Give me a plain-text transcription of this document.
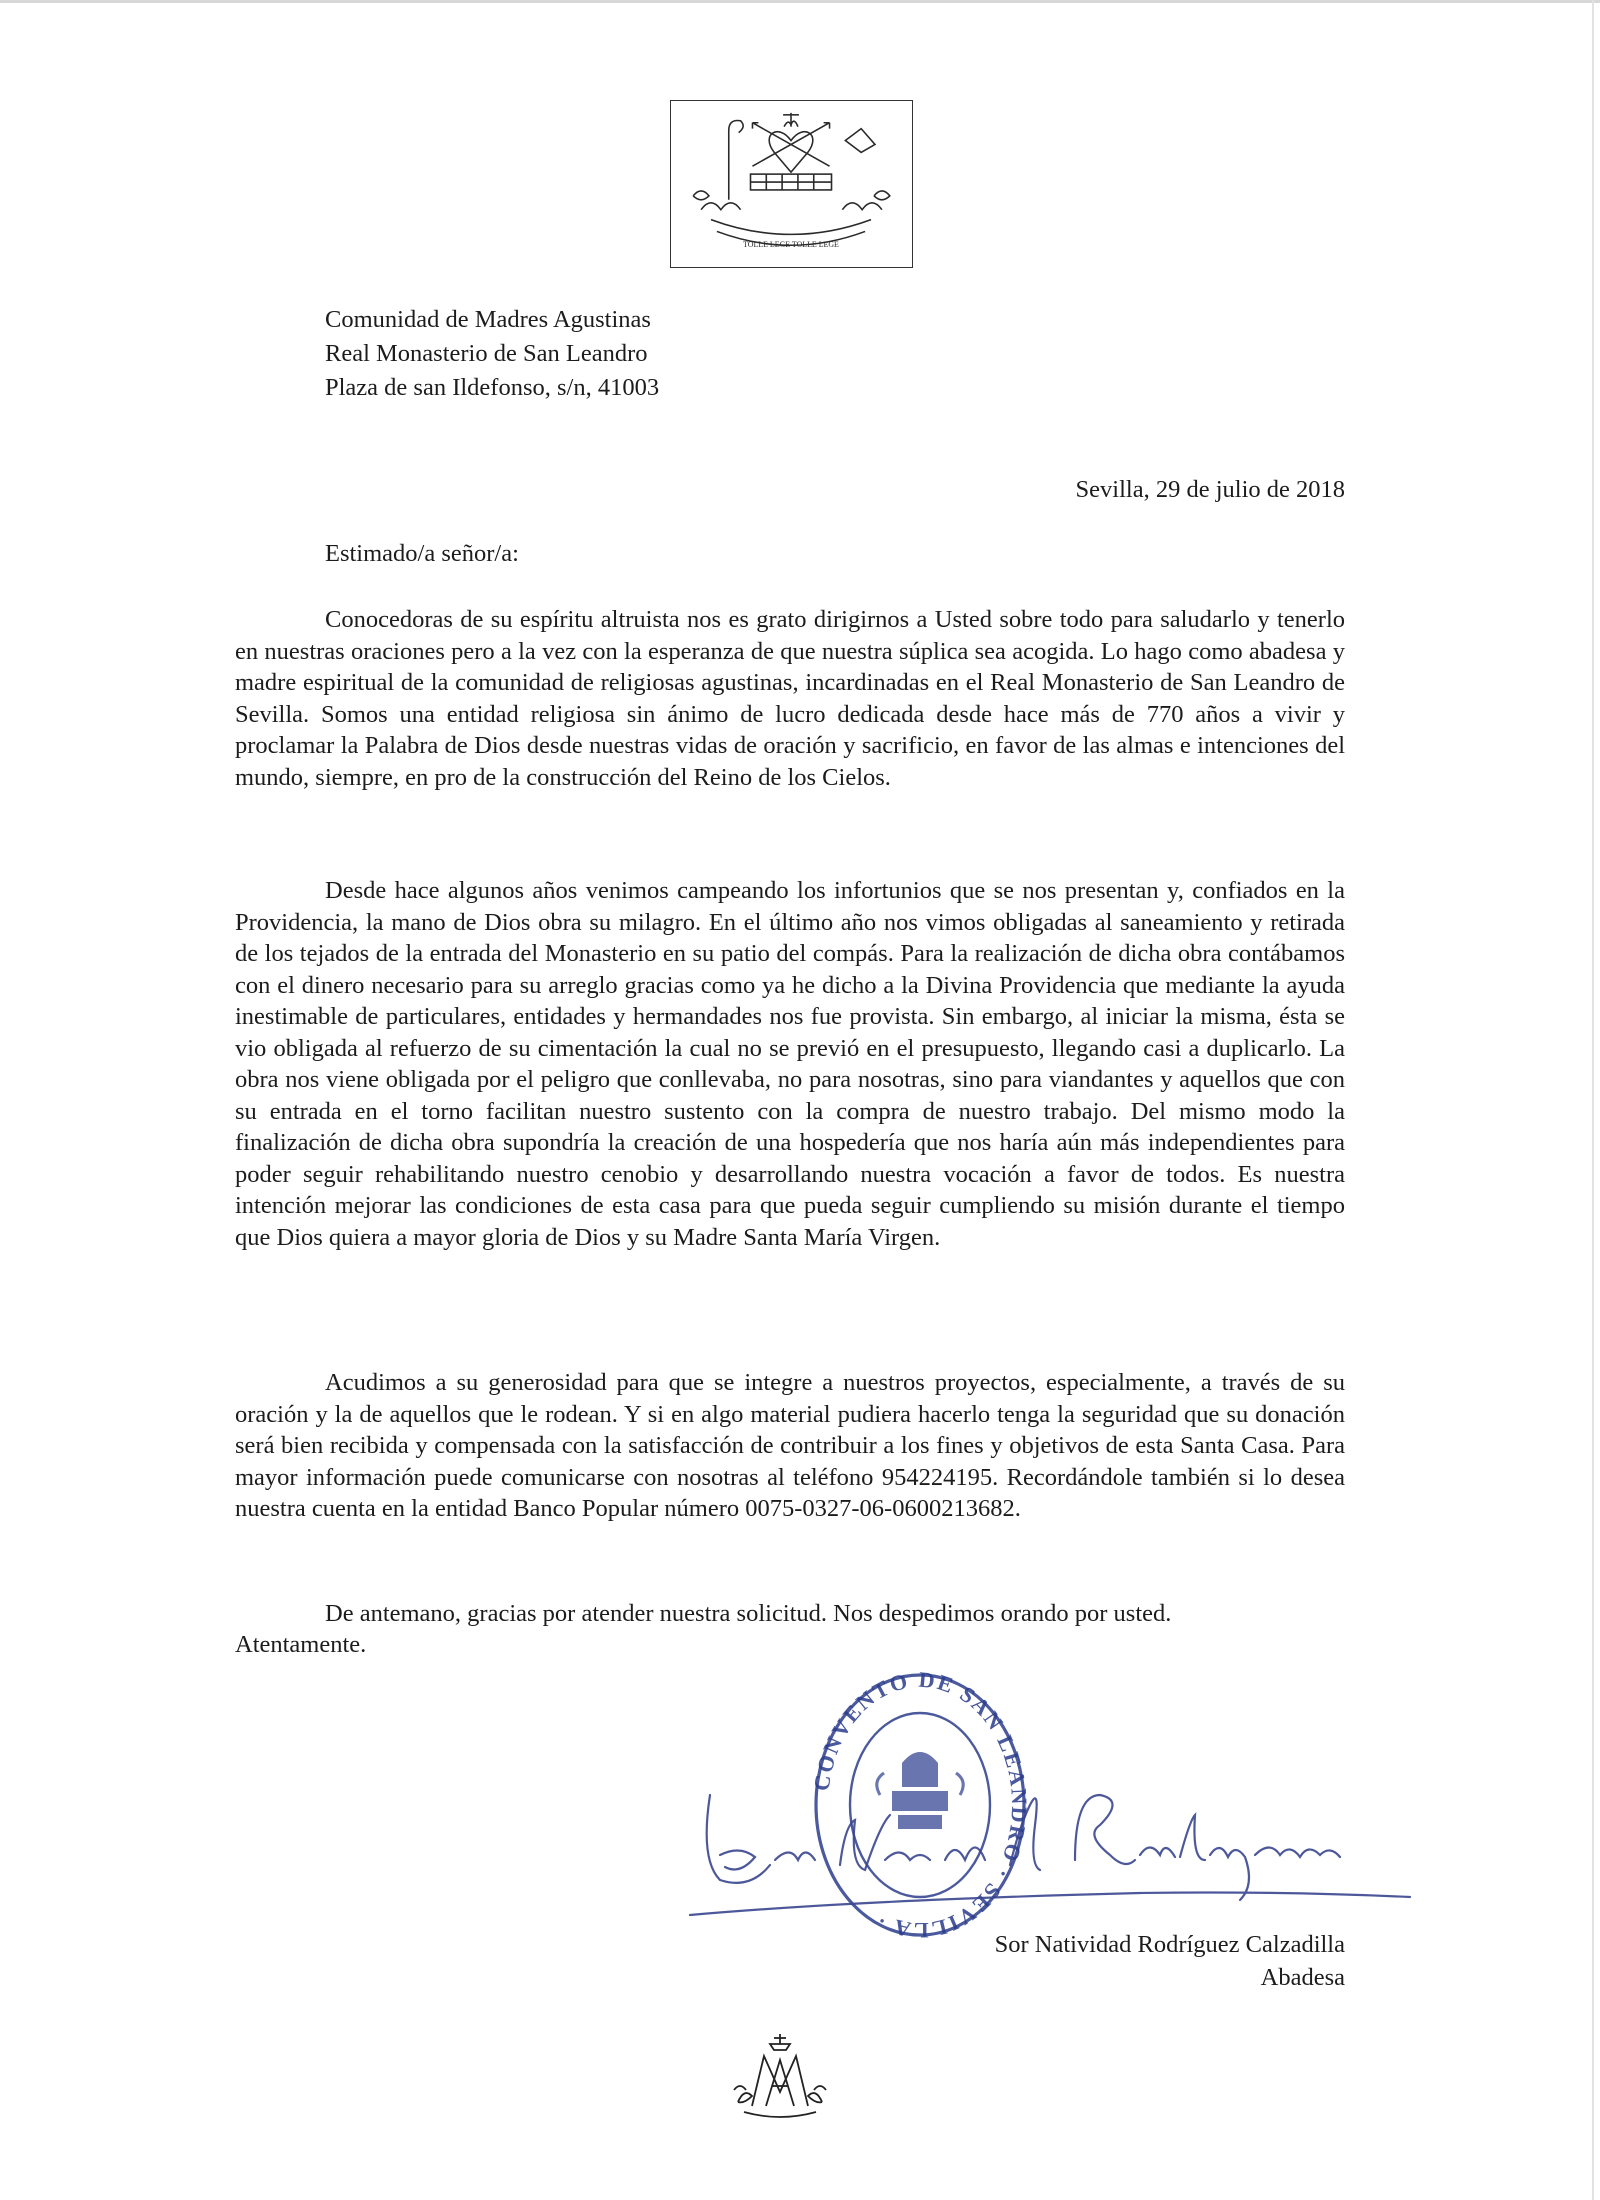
TOLLE LEGE TOLLE LEGE
Comunidad de Madres Agustinas
Real Monasterio de San Leandro
Plaza de san Ildefonso, s/n, 41003
Sevilla, 29 de julio de 2018
Estimado/a señor/a:

Conocedoras de su espíritu altruista nos es grato dirigirnos a Usted sobre todo para saludarlo y tenerlo en nuestras oraciones pero a la vez con la esperanza de que nuestra súplica sea acogida. Lo hago como abadesa y madre espiritual de la comunidad de religiosas agustinas, incardinadas en el Real Monasterio de San Leandro de Sevilla. Somos una entidad religiosa sin ánimo de lucro dedicada desde hace más de 770 años a vivir y proclamar la Palabra de Dios desde nuestras vidas de oración y sacrificio, en favor de las almas e intenciones del mundo, siempre, en pro de la construcción del Reino de los Cielos.

Desde hace algunos años venimos campeando los infortunios que se nos presentan y, confiados en la Providencia, la mano de Dios obra su milagro. En el último año nos vimos obligadas al saneamiento y retirada de los tejados de la entrada del Monasterio en su patio del compás. Para la realización de dicha obra contábamos con el dinero necesario para su arreglo gracias como ya he dicho a la Divina Providencia que mediante la ayuda inestimable de particulares, entidades y hermandades nos fue provista. Sin embargo, al iniciar la misma, ésta se vio obligada al refuerzo de su cimentación la cual no se previó en el presupuesto, llegando casi a duplicarlo. La obra nos viene obligada por el peligro que conllevaba, no para nosotras, sino para viandantes y aquellos que con su entrada en el torno facilitan nuestro sustento con la compra de nuestro trabajo. Del mismo modo la finalización de dicha obra supondría la creación de una hospedería que nos haría aún más independientes para poder seguir rehabilitando nuestro cenobio y desarrollando nuestra vocación a favor de todos. Es nuestra intención mejorar las condiciones de esta casa para que pueda seguir cumpliendo su misión durante el tiempo que Dios quiera a mayor gloria de Dios y su Madre Santa María Virgen.

Acudimos a su generosidad para que se integre a nuestros proyectos, especialmente, a través de su oración y la de aquellos que le rodean. Y si en algo material pudiera hacerlo tenga la seguridad que su donación será bien recibida y compensada con la satisfacción de contribuir a los fines y objetivos de esta Santa Casa. Para mayor información puede comunicarse con nosotras al teléfono 954224195. Recordándole también si lo desea nuestra cuenta en la entidad Banco Popular número 0075-0327-06-0600213682.

De antemano, gracias por atender nuestra solicitud. Nos despedimos orando por usted.

Atentamente.
CONVENTO DE SAN LEANDRO · SEVILLA ·
Sor Natividad Rodríguez Calzadilla
Abadesa
